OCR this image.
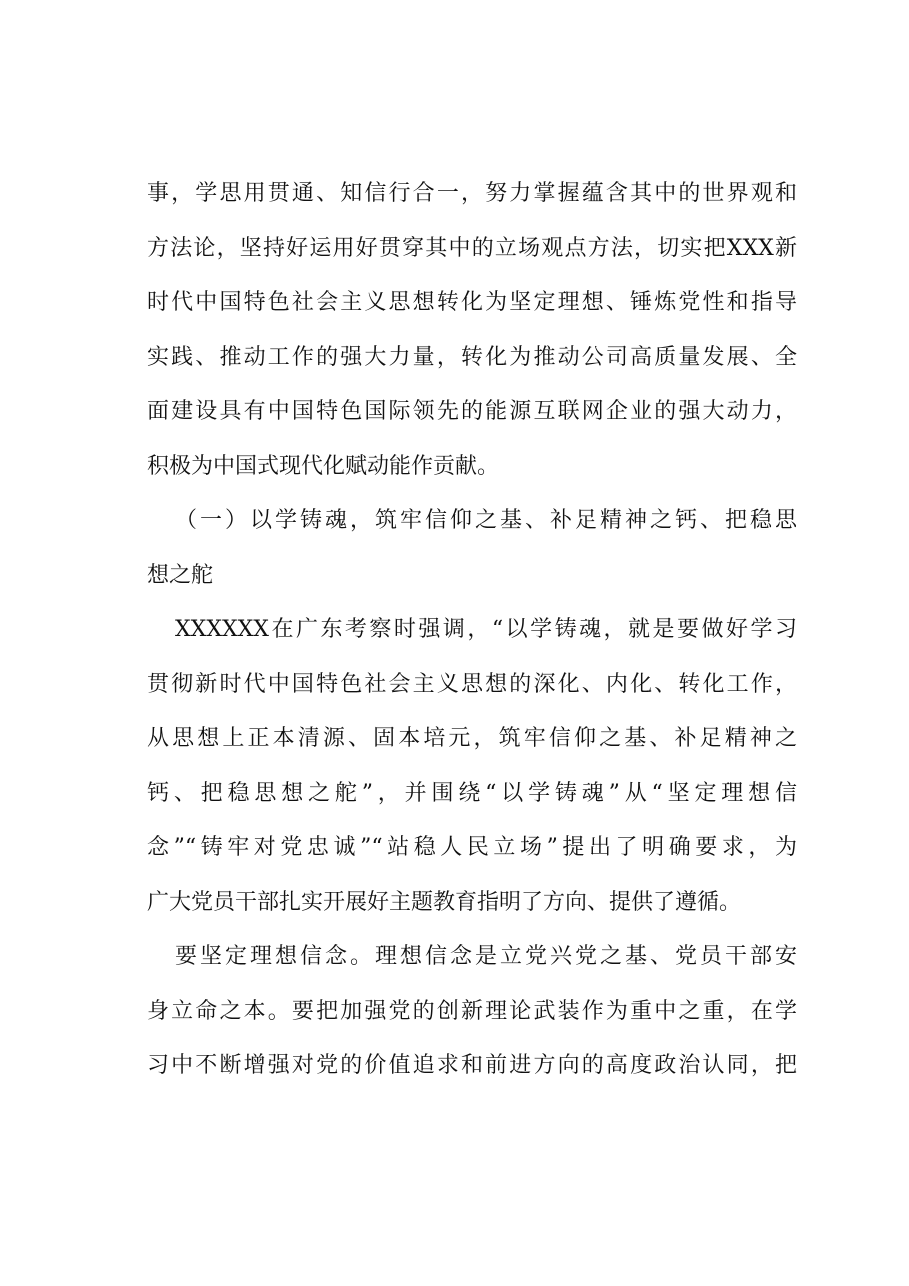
事，学思用贯通、知信行合一，努力掌握蕴含其中的世界观和
方法论，坚持好运用好贯穿其中的立场观点方法，切实把XXX新
时代中国特色社会主义思想转化为坚定理想、锤炼党性和指导
实践、推动工作的强大力量，转化为推动公司高质量发展、全
面建设具有中国特色国际领先的能源互联网企业的强大动力，
积极为中国式现代化赋动能作贡献。
（一）以学铸魂，筑牢信仰之基、补足精神之钙、把稳思
想之舵
XXXXXX在广东考察时强调，“以学铸魂，就是要做好学习
贯彻新时代中国特色社会主义思想的深化、内化、转化工作，
从思想上正本清源、固本培元，筑牢信仰之基、补足精神之
钙、把稳思想之舵”，并围绕“以学铸魂”从“坚定理想信
念”“铸牢对党忠诚”“站稳人民立场”提出了明确要求，为
广大党员干部扎实开展好主题教育指明了方向、提供了遵循。
要坚定理想信念。理想信念是立党兴党之基、党员干部安
身立命之本。要把加强党的创新理论武装作为重中之重，在学
习中不断增强对党的价值追求和前进方向的高度政治认同，把
